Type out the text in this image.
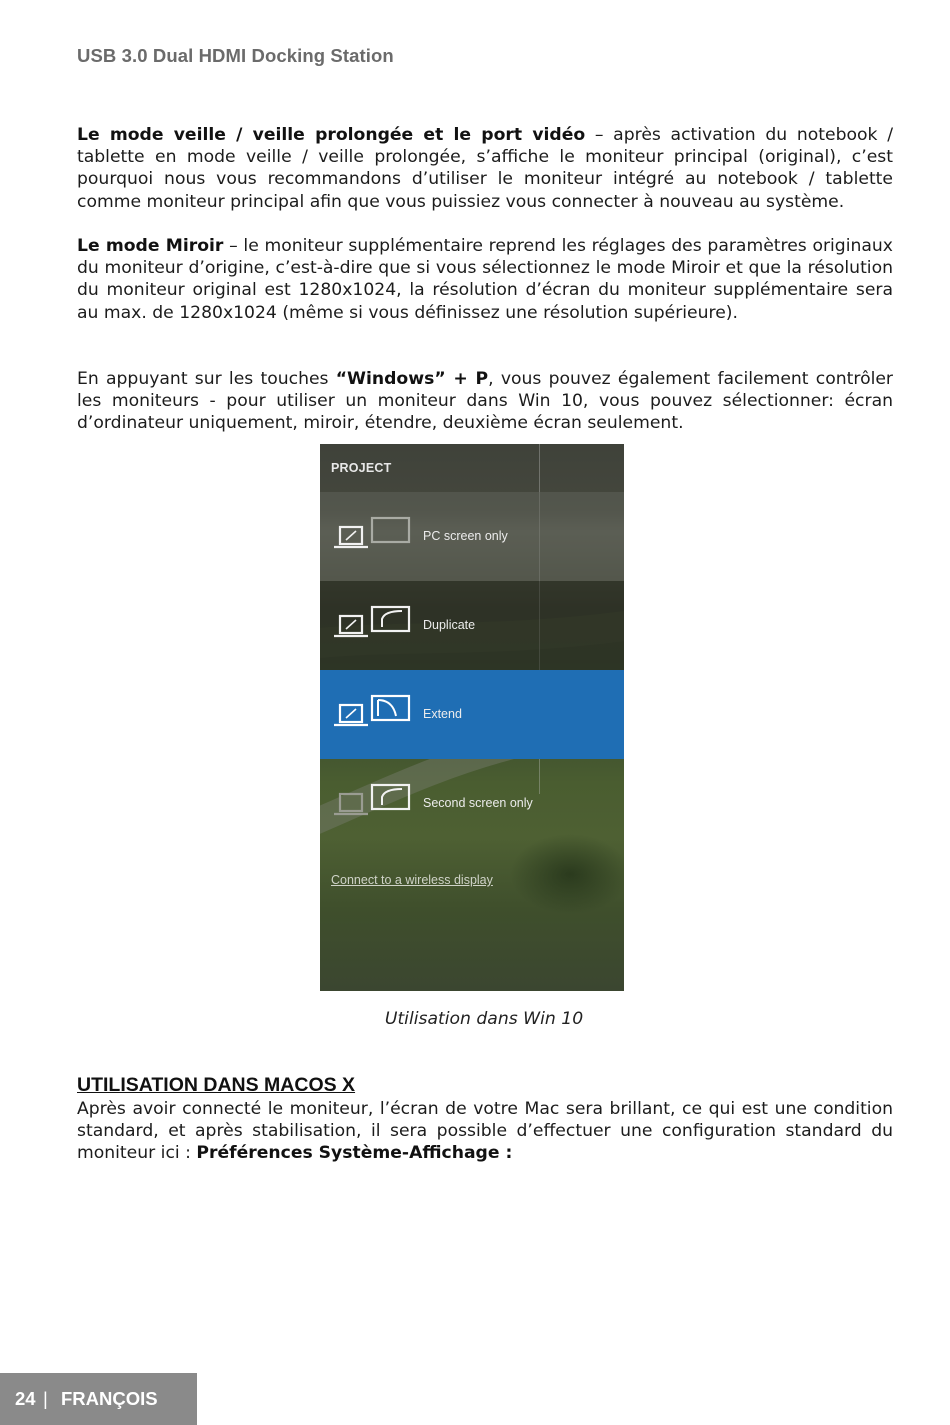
USB 3.0 Dual HDMI Docking Station

Le mode veille / veille prolongée et le port vidéo – après activation du notebook / tablette en mode veille / veille prolongée, s’affiche le moniteur principal (original), c’est pourquoi nous vous recommandons d’utiliser le moniteur intégré au notebook / tablette comme moniteur principal afin que vous puissiez vous connecter à nouveau au système.

Le mode Miroir – le moniteur supplémentaire reprend les réglages des paramètres originaux du moniteur d’origine, c’est-à-dire que si vous sélectionnez le mode Miroir et que la résolution du moniteur original est 1280x1024, la résolution d’écran du moniteur supplémentaire sera au max. de 1280x1024 (même si vous définissez une résolution supérieure).

En appuyant sur les touches “Windows” + P, vous pouvez également facilement contrôler les moniteurs - pour utiliser un moniteur dans Win 10, vous pouvez sélectionner: écran d’ordinateur uniquement, miroir, étendre, deuxième écran seulement.

PROJECT
PC screen only
Duplicate
Extend
Second screen only
Connect to a wireless display
Utilisation dans Win 10
UTILISATION DANS MACOS X

Après avoir connecté le moniteur, l’écran de votre Mac sera brillant, ce qui est une condition standard, et après stabilisation, il sera possible d’effectuer une configuration standard du moniteur ici : Préférences Système-Affichage :

24 | FRANÇOIS
